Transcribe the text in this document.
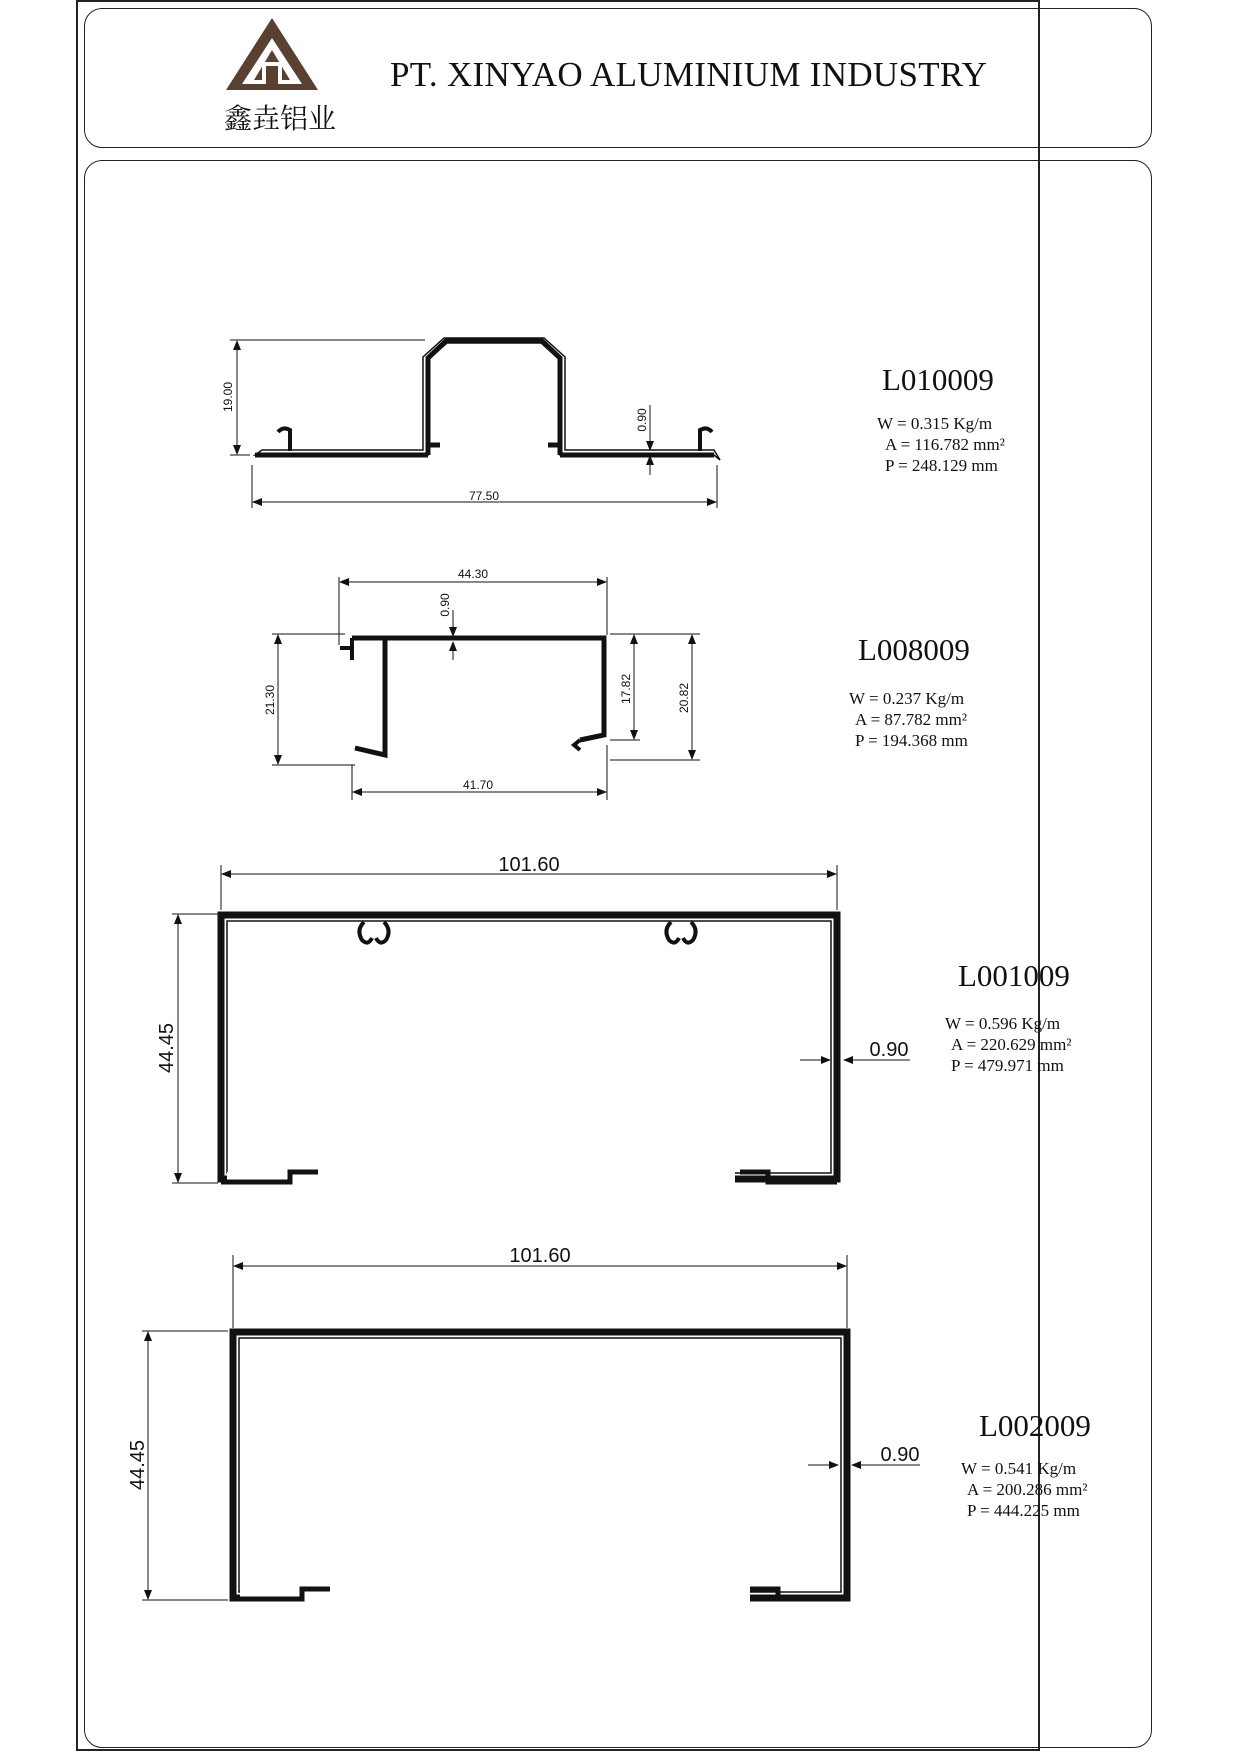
77.50
19.00
0.90
44.30
41.70
21.30	17.82	20.82
0.90
101.60
44.45	0.90
101.60
44.45	0.90
PT. XINYAO ALUMINIUM INDUSTRY
鑫垚铝业
L010009
W = 0.315 Kg/m
A = 116.782 mm²
P = 248.129 mm
L008009
W = 0.237 Kg/m
A = 87.782 mm²
P = 194.368 mm
L001009
W = 0.596 Kg/m
A = 220.629 mm²
P = 479.971 mm
L002009
W = 0.541 Kg/m
A = 200.286 mm²
P = 444.225 mm
